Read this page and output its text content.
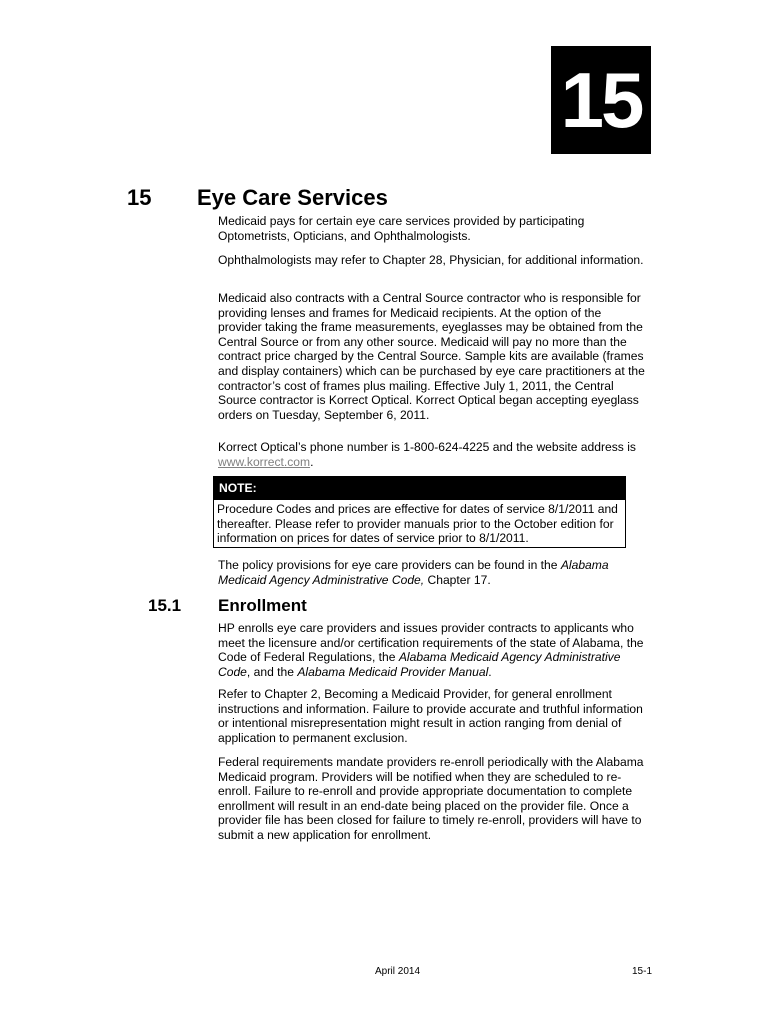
15
15 Eye Care Services

Medicaid pays for certain eye care services provided by participating Optometrists, Opticians, and Ophthalmologists.

Ophthalmologists may refer to Chapter 28, Physician, for additional information.

Medicaid also contracts with a Central Source contractor who is responsible for providing lenses and frames for Medicaid recipients. At the option of the provider taking the frame measurements, eyeglasses may be obtained from the Central Source or from any other source. Medicaid will pay no more than the contract price charged by the Central Source. Sample kits are available (frames and display containers) which can be purchased by eye care practitioners at the contractor’s cost of frames plus mailing. Effective July 1, 2011, the Central Source contractor is Korrect Optical. Korrect Optical began accepting eyeglass orders on Tuesday, September 6, 2011.

Korrect Optical’s phone number is 1-800-624-4225 and the website address is www.korrect.com.

NOTE:
Procedure Codes and prices are effective for dates of service 8/1/2011 and thereafter. Please refer to provider manuals prior to the October edition for information on prices for dates of service prior to 8/1/2011.

The policy provisions for eye care providers can be found in the Alabama Medicaid Agency Administrative Code, Chapter 17.

15.1 Enrollment

HP enrolls eye care providers and issues provider contracts to applicants who meet the licensure and/or certification requirements of the state of Alabama, the Code of Federal Regulations, the Alabama Medicaid Agency Administrative Code, and the Alabama Medicaid Provider Manual.

Refer to Chapter 2, Becoming a Medicaid Provider, for general enrollment instructions and information. Failure to provide accurate and truthful information or intentional misrepresentation might result in action ranging from denial of application to permanent exclusion.

Federal requirements mandate providers re-enroll periodically with the Alabama Medicaid program. Providers will be notified when they are scheduled to re-enroll. Failure to re-enroll and provide appropriate documentation to complete enrollment will result in an end-date being placed on the provider file. Once a provider file has been closed for failure to timely re-enroll, providers will have to submit a new application for enrollment.

April 2014	15-1
